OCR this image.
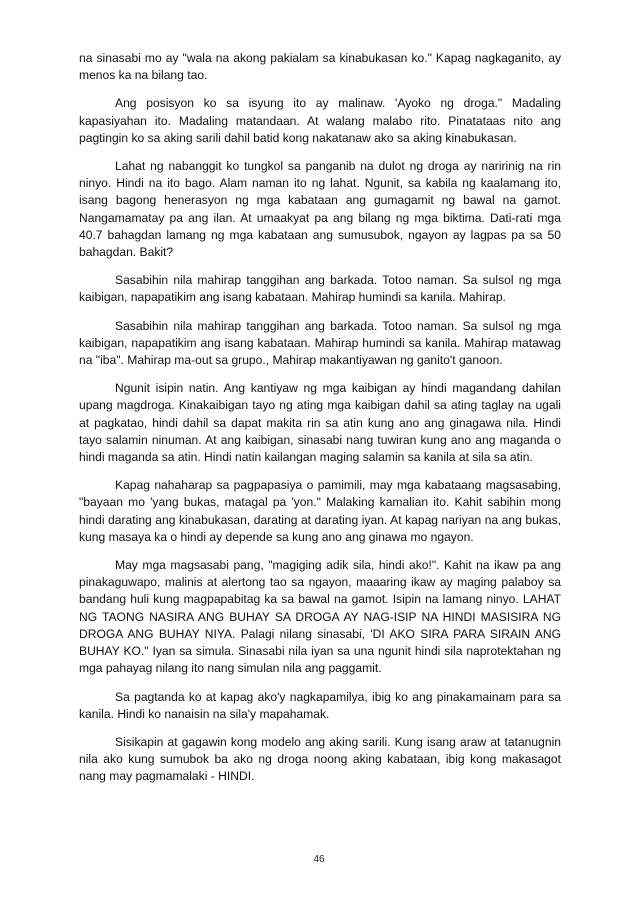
na sinasabi mo ay "wala na akong pakialam sa kinabukasan ko." Kapag nagkaganito, ay menos ka na bilang tao.

Ang posisyon ko sa isyung ito ay malinaw. 'Ayoko ng droga." Madaling kapasiyahan ito. Madaling matandaan. At walang malabo rito. Pinatataas nito ang pagtingin ko sa aking sarili dahil batid kong nakatanaw ako sa aking kinabukasan.

Lahat ng nabanggit ko tungkol sa panganib na dulot ng droga ay naririnig na rin ninyo. Hindi na ito bago. Alam naman ito ng lahat. Ngunit, sa kabila ng kaalamang ito, isang bagong henerasyon ng mga kabataan ang gumagamit ng bawal na gamot. Nangamamatay pa ang ilan. At umaakyat pa ang bilang ng mga biktima. Dati-rati mga 40.7 bahagdan lamang ng mga kabataan ang sumusubok, ngayon ay lagpas pa sa 50 bahagdan. Bakit?

Sasabihin nila mahirap tanggihan ang barkada. Totoo naman. Sa sulsol ng mga kaibigan, napapatikim ang isang kabataan. Mahirap humindi sa kanila. Mahirap.

Sasabihin nila mahirap tanggihan ang barkada. Totoo naman. Sa sulsol ng mga kaibigan, napapatikim ang isang kabataan. Mahirap humindi sa kanila. Mahirap matawag na "iba". Mahirap ma-out sa grupo., Mahirap makantiyawan ng ganito't ganoon.

Ngunit isipin natin. Ang kantiyaw ng mga kaibigan ay hindi magandang dahilan upang magdroga. Kinakaibigan tayo ng ating mga kaibigan dahil sa ating taglay na ugali at pagkatao, hindi dahil sa dapat makita rin sa atin kung ano ang ginagawa nila. Hindi tayo salamin ninuman. At ang kaibigan, sinasabi nang tuwiran kung ano ang maganda o hindi maganda sa atin. Hindi natin kailangan maging salamin sa kanila at sila sa atin.

Kapag nahaharap sa pagpapasiya o pamimili, may mga kabataang magsasabing, "bayaan mo 'yang bukas, matagal pa 'yon." Malaking kamalian ito. Kahit sabihin mong hindi darating ang kinabukasan, darating at darating iyan. At kapag nariyan na ang bukas, kung masaya ka o hindi ay depende sa kung ano ang ginawa mo ngayon.

May mga magsasabi pang, "magiging adik sila, hindi ako!". Kahit na ikaw pa ang pinakaguwapo, malinis at alertong tao sa ngayon, maaaring ikaw ay maging palaboy sa bandang huli kung magpapabitag ka sa bawal na gamot. Isipin na lamang ninyo. LAHAT NG TAONG NASIRA ANG BUHAY SA DROGA AY NAG-ISIP NA HINDI MASISIRA NG DROGA ANG BUHAY NIYA. Palagi nilang sinasabi, 'DI AKO SIRA PARA SIRAIN ANG BUHAY KO." Iyan sa simula. Sinasabi nila iyan sa una ngunit hindi sila naprotektahan ng mga pahayag nilang ito nang simulan nila ang paggamit.

Sa pagtanda ko at kapag ako'y nagkapamilya, ibig ko ang pinakamainam para sa kanila. Hindi ko nanaisin na sila'y mapahamak.

Sisikapin at gagawin kong modelo ang aking sarili. Kung isang araw at tatanugnin nila ako kung sumubok ba ako ng droga noong aking kabataan, ibig kong makasagot nang may pagmamalaki - HINDI.

46
